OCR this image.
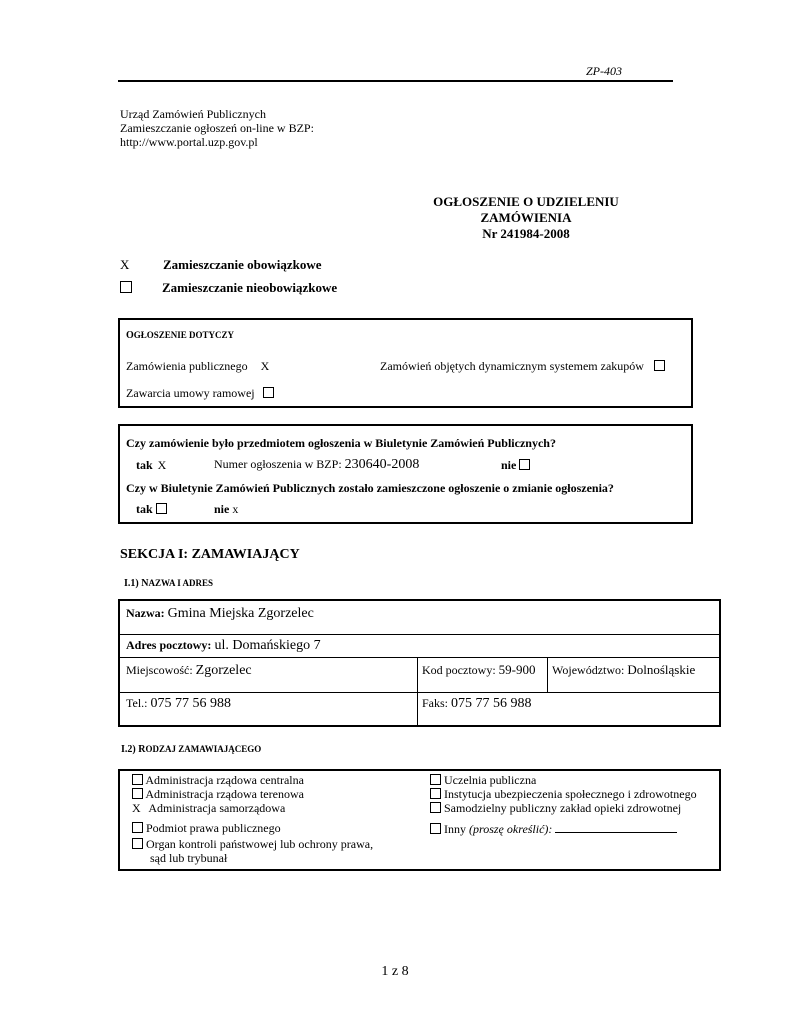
ZP-403
Urząd Zamówień Publicznych
Zamieszczanie ogłoszeń on-line w BZP:
http://www.portal.uzp.gov.pl
OGŁOSZENIE O UDZIELENIU
ZAMÓWIENIA
Nr 241984-2008
X	Zamieszczanie obowiązkowe
Zamieszczanie nieobowiązkowe
OGŁOSZENIE DOTYCZY
Zamówienia publicznego X	Zamówień objętych dynamicznym systemem zakupów
Zawarcia umowy ramowej
Czy zamówienie było przedmiotem ogłoszenia w Biuletynie Zamówień Publicznych?
tak X	Numer ogłoszenia w BZP: 230640-2008	nie
Czy w Biuletynie Zamówień Publicznych zostało zamieszczone ogłoszenie o zmianie ogłoszenia?
tak	nie x
SEKCJA I: ZAMAWIAJĄCY
I.1) NAZWA I ADRES
Nazwa: Gmina Miejska Zgorzelec
Adres pocztowy: ul. Domańskiego 7
Miejscowość: Zgorzelec	Kod pocztowy: 59-900 Województwo: Dolnośląskie
Tel.: 075 77 56 988	Faks: 075 77 56 988
I.2) RODZAJ ZAMAWIAJĄCEGO
Administracja rządowa centralna
Administracja rządowa terenowa
X Administracja samorządowa
Podmiot prawa publicznego
Organ kontroli państwowej lub ochrony prawa,
sąd lub trybunał
Uczelnia publiczna
Instytucja ubezpieczenia społecznego i zdrowotnego
Samodzielny publiczny zakład opieki zdrowotnej
Inny (proszę określić):
1 z 8
